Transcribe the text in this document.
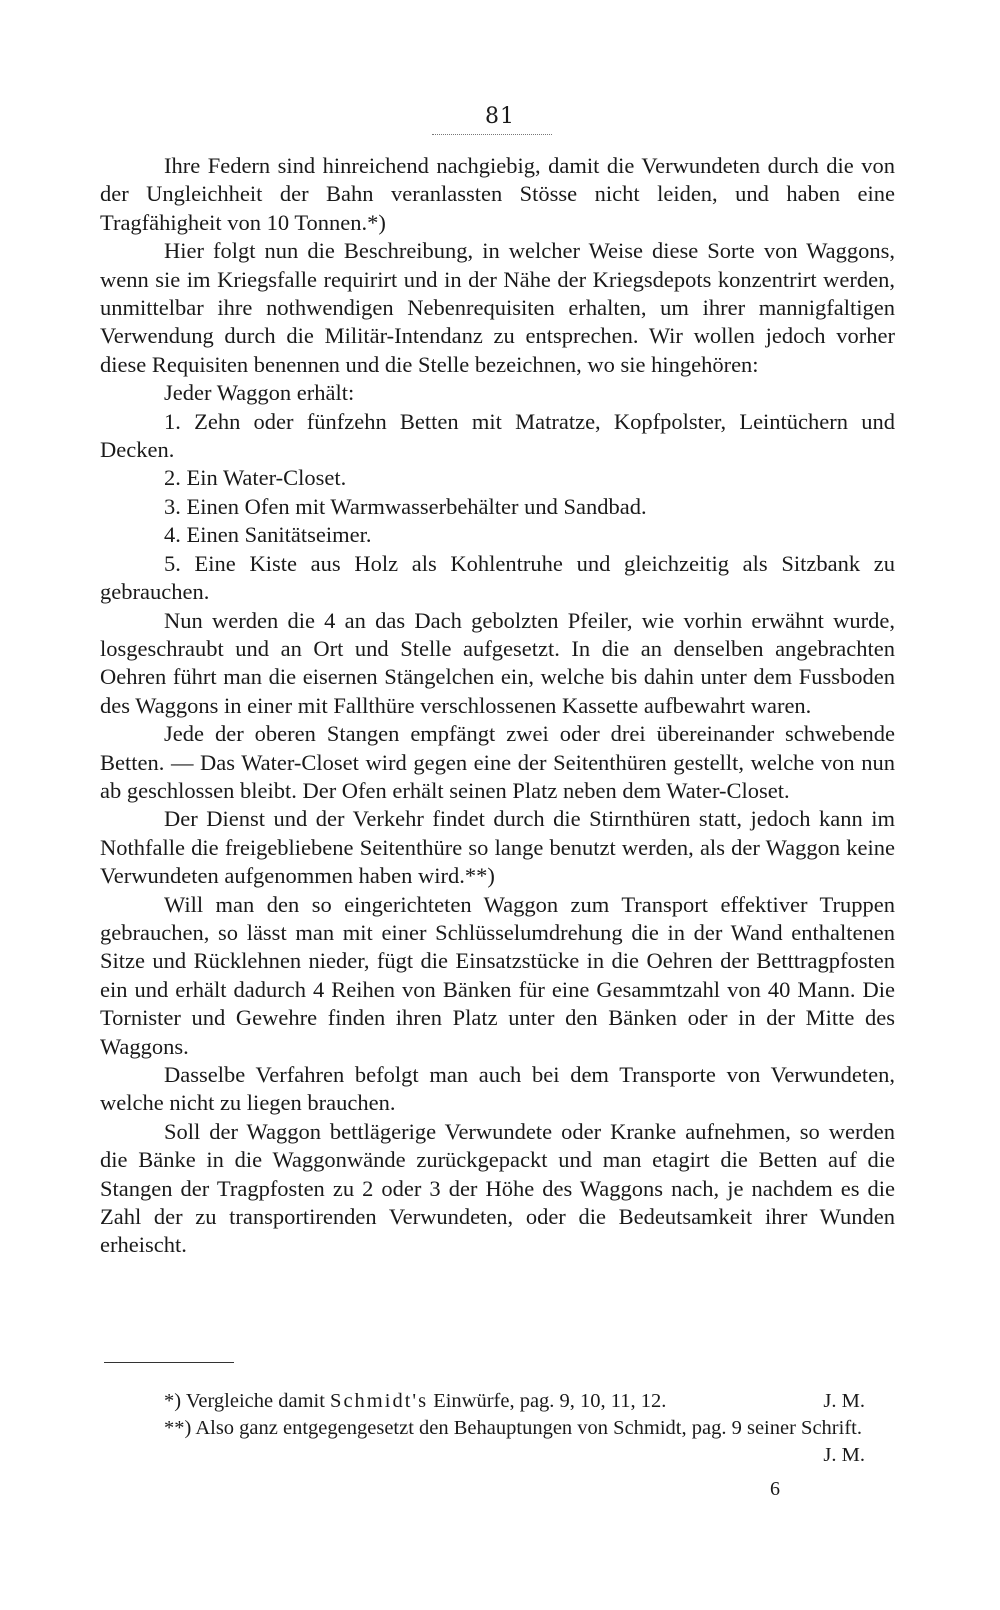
81

Ihre Federn sind hinreichend nachgiebig, damit die Verwundeten durch die von der Ungleichheit der Bahn veranlassten Stösse nicht leiden, und haben eine Tragfähigheit von 10 Tonnen.*)

Hier folgt nun die Beschreibung, in welcher Weise diese Sorte von Waggons, wenn sie im Kriegsfalle requirirt und in der Nähe der Kriegsdepots konzentrirt werden, unmittelbar ihre nothwendigen Nebenrequisiten erhalten, um ihrer mannigfaltigen Verwendung durch die Militär-Intendanz zu entsprechen. Wir wollen jedoch vorher diese Requisiten benennen und die Stelle bezeichnen, wo sie hingehören:

Jeder Waggon erhält:

1. Zehn oder fünfzehn Betten mit Matratze, Kopfpolster, Leintüchern und Decken.

2. Ein Water-Closet.

3. Einen Ofen mit Warmwasserbehälter und Sandbad.

4. Einen Sanitätseimer.

5. Eine Kiste aus Holz als Kohlentruhe und gleichzeitig als Sitzbank zu gebrauchen.

Nun werden die 4 an das Dach gebolzten Pfeiler, wie vorhin erwähnt wurde, losgeschraubt und an Ort und Stelle aufgesetzt. In die an denselben angebrachten Oehren führt man die eisernen Stängelchen ein, welche bis dahin unter dem Fussboden des Waggons in einer mit Fallthüre verschlossenen Kassette aufbewahrt waren.

Jede der oberen Stangen empfängt zwei oder drei übereinander schwebende Betten. — Das Water-Closet wird gegen eine der Seitenthüren gestellt, welche von nun ab geschlossen bleibt. Der Ofen erhält seinen Platz neben dem Water-Closet.

Der Dienst und der Verkehr findet durch die Stirnthüren statt, jedoch kann im Nothfalle die freigebliebene Seitenthüre so lange benutzt werden, als der Waggon keine Verwundeten aufgenommen haben wird.**)

Will man den so eingerichteten Waggon zum Transport effektiver Truppen gebrauchen, so lässt man mit einer Schlüsselumdrehung die in der Wand enthaltenen Sitze und Rücklehnen nieder, fügt die Einsatzstücke in die Oehren der Betttragpfosten ein und erhält dadurch 4 Reihen von Bänken für eine Gesammtzahl von 40 Mann. Die Tornister und Gewehre finden ihren Platz unter den Bänken oder in der Mitte des Waggons.

Dasselbe Verfahren befolgt man auch bei dem Transporte von Verwundeten, welche nicht zu liegen brauchen.

Soll der Waggon bettlägerige Verwundete oder Kranke aufnehmen, so werden die Bänke in die Waggonwände zurückgepackt und man etagirt die Betten auf die Stangen der Tragpfosten zu 2 oder 3 der Höhe des Waggons nach, je nachdem es die Zahl der zu transportirenden Verwundeten, oder die Bedeutsamkeit ihrer Wunden erheischt.

*) Vergleiche damit Schmidt's Einwürfe, pag. 9, 10, 11, 12.	J. M.

**) Also ganz entgegengesetzt den Behauptungen von Schmidt, pag. 9 seiner Schrift.
J. M.

6
